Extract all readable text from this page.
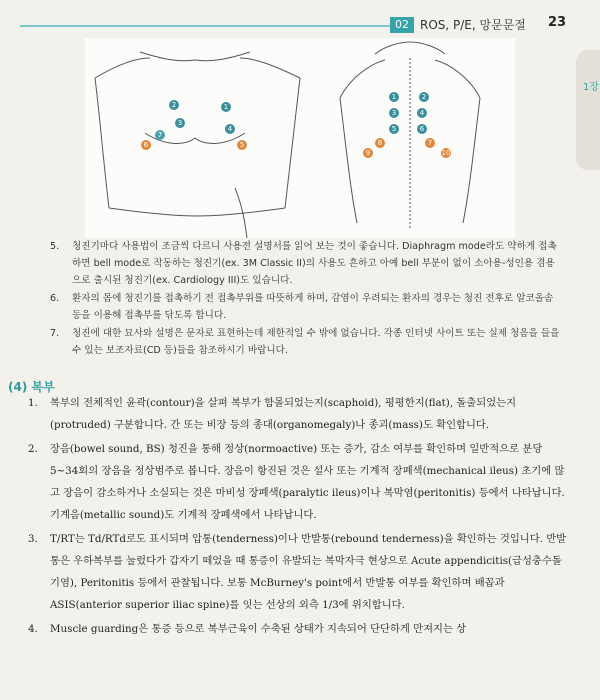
02 ROS, P/E, 망문문절 23
1장
2	1
3
7
4
6	5
1	2
3	4
5	6
8	7
9	10
5. 청진기마다 사용법이 조금씩 다르니 사용전 설명서를 읽어 보는 것이 좋습니다. Diaphragm mode라도 약하게 접촉하면 bell mode로 작동하는 청진기(ex. 3M Classic II)의 사용도 흔하고 아예 bell 부분이 없이 소아용-성인용 겸용으로 출시된 청진기(ex. Cardiology III)도 있습니다.
6. 환자의 몸에 청진기를 접촉하기 전 접촉부위를 따뜻하게 하며, 감염이 우려되는 환자의 경우는 청진 전후로 알코올솜 등을 이용해 접촉부를 닦도록 합니다.
7. 청진에 대한 묘사와 설명은 문자로 표현하는데 제한적일 수 밖에 없습니다. 각종 인터넷 사이트 또는 실제 청음을 들을 수 있는 보조자료(CD 등)들을 참조하시기 바랍니다.
(4) 복부
1. 복부의 전체적인 윤곽(contour)을 살펴 복부가 함몰되었는지(scaphoid), 평평한지(flat), 돌출되었는지(protruded) 구분합니다. 간 또는 비장 등의 종대(organomegaly)나 종괴(mass)도 확인합니다.
2. 장음(bowel sound, BS) 청진을 통해 정상(normoactive) 또는 증가, 감소 여부를 확인하며 일반적으로 분당 5~34회의 장음을 정상범주로 봅니다. 장음이 항진된 것은 설사 또는 기계적 장폐색(mechanical ileus) 초기에 많고 장음이 감소하거나 소실되는 것은 마비성 장폐색(paralytic ileus)이나 복막염(peritonitis) 등에서 나타납니다. 기계음(metallic sound)도 기계적 장폐색에서 나타납니다.
3. T/RT는 Td/RTd로도 표시되며 압통(tenderness)이나 반발통(rebound tenderness)을 확인하는 것입니다. 반발통은 우하복부를 눌렀다가 갑자기 떼었을 때 통증이 유발되는 복막자극 현상으로 Acute appendicitis(급성충수돌기염), Peritonitis 등에서 관찰됩니다. 보통 McBurney's point에서 반발통 여부를 확인하며 배꼽과 ASIS(anterior superior iliac spine)를 잇는 선상의 외측 1/3에 위치합니다.
4. Muscle guarding은 통증 등으로 복부근육이 수축된 상태가 지속되어 단단하게 만져지는 상
